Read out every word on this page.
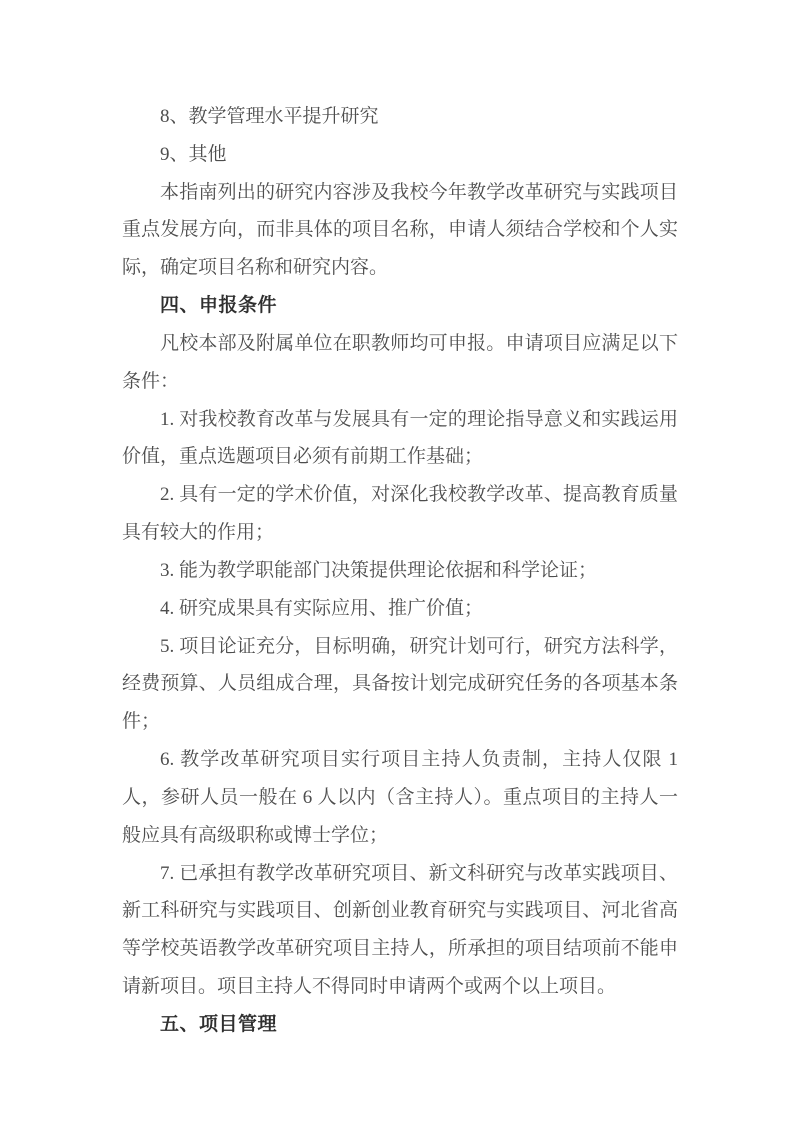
8、教学管理水平提升研究

9、其他

本指南列出的研究内容涉及我校今年教学改革研究与实践项目重点发展方向，而非具体的项目名称，申请人须结合学校和个人实际，确定项目名称和研究内容。

四、申报条件

凡校本部及附属单位在职教师均可申报。申请项目应满足以下条件：

1. 对我校教育改革与发展具有一定的理论指导意义和实践运用价值，重点选题项目必须有前期工作基础；

2. 具有一定的学术价值，对深化我校教学改革、提高教育质量具有较大的作用；

3. 能为教学职能部门决策提供理论依据和科学论证；

4. 研究成果具有实际应用、推广价值；

5. 项目论证充分，目标明确，研究计划可行，研究方法科学，经费预算、人员组成合理，具备按计划完成研究任务的各项基本条件；

6. 教学改革研究项目实行项目主持人负责制，主持人仅限 1 人，参研人员一般在 6 人以内（含主持人）。重点项目的主持人一般应具有高级职称或博士学位；

7. 已承担有教学改革研究项目、新文科研究与改革实践项目、新工科研究与实践项目、创新创业教育研究与实践项目、河北省高等学校英语教学改革研究项目主持人，所承担的项目结项前不能申请新项目。项目主持人不得同时申请两个或两个以上项目。

五、项目管理
